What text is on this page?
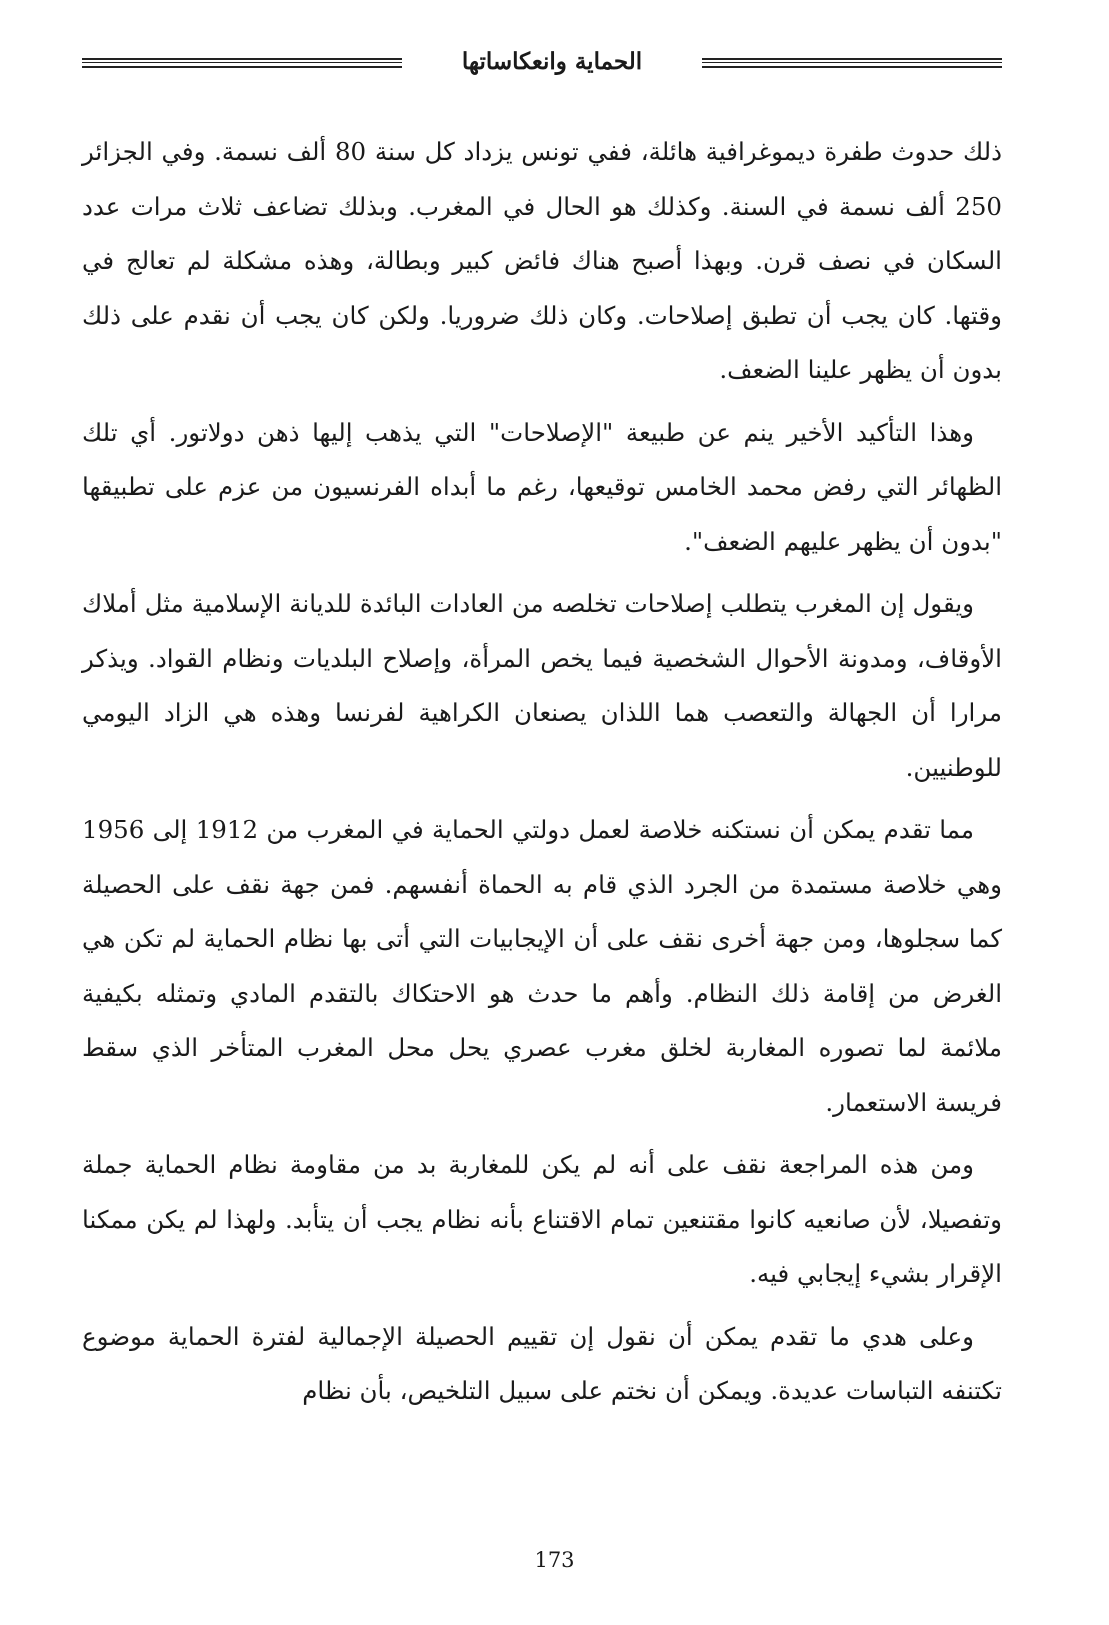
الحماية وانعكاساتها

ذلك حدوث طفرة ديموغرافية هائلة، ففي تونس يزداد كل سنة 80 ألف نسمة. وفي الجزائر 250 ألف نسمة في السنة. وكذلك هو الحال في المغرب. وبذلك تضاعف ثلاث مرات عدد السكان في نصف قرن. وبهذا أصبح هناك فائض كبير وبطالة، وهذه مشكلة لم تعالج في وقتها. كان يجب أن تطبق إصلاحات. وكان ذلك ضروريا. ولكن كان يجب أن نقدم على ذلك بدون أن يظهر علينا الضعف.

وهذا التأكيد الأخير ينم عن طبيعة "الإصلاحات" التي يذهب إليها ذهن دولاتور. أي تلك الظهائر التي رفض محمد الخامس توقيعها، رغم ما أبداه الفرنسيون من عزم على تطبيقها "بدون أن يظهر عليهم الضعف".

ويقول إن المغرب يتطلب إصلاحات تخلصه من العادات البائدة للديانة الإسلامية مثل أملاك الأوقاف، ومدونة الأحوال الشخصية فيما يخص المرأة، وإصلاح البلديات ونظام القواد. ويذكر مرارا أن الجهالة والتعصب هما اللذان يصنعان الكراهية لفرنسا وهذه هي الزاد اليومي للوطنيين.

مما تقدم يمكن أن نستكنه خلاصة لعمل دولتي الحماية في المغرب من 1912 إلى 1956 وهي خلاصة مستمدة من الجرد الذي قام به الحماة أنفسهم. فمن جهة نقف على الحصيلة كما سجلوها، ومن جهة أخرى نقف على أن الإيجابيات التي أتى بها نظام الحماية لم تكن هي الغرض من إقامة ذلك النظام. وأهم ما حدث هو الاحتكاك بالتقدم المادي وتمثله بكيفية ملائمة لما تصوره المغاربة لخلق مغرب عصري يحل محل المغرب المتأخر الذي سقط فريسة الاستعمار.

ومن هذه المراجعة نقف على أنه لم يكن للمغاربة بد من مقاومة نظام الحماية جملة وتفصيلا، لأن صانعيه كانوا مقتنعين تمام الاقتناع بأنه نظام يجب أن يتأبد. ولهذا لم يكن ممكنا الإقرار بشيء إيجابي فيه.

وعلى هدي ما تقدم يمكن أن نقول إن تقييم الحصيلة الإجمالية لفترة الحماية موضوع تكتنفه التباسات عديدة. ويمكن أن نختم على سبيل التلخيص، بأن نظام

173
